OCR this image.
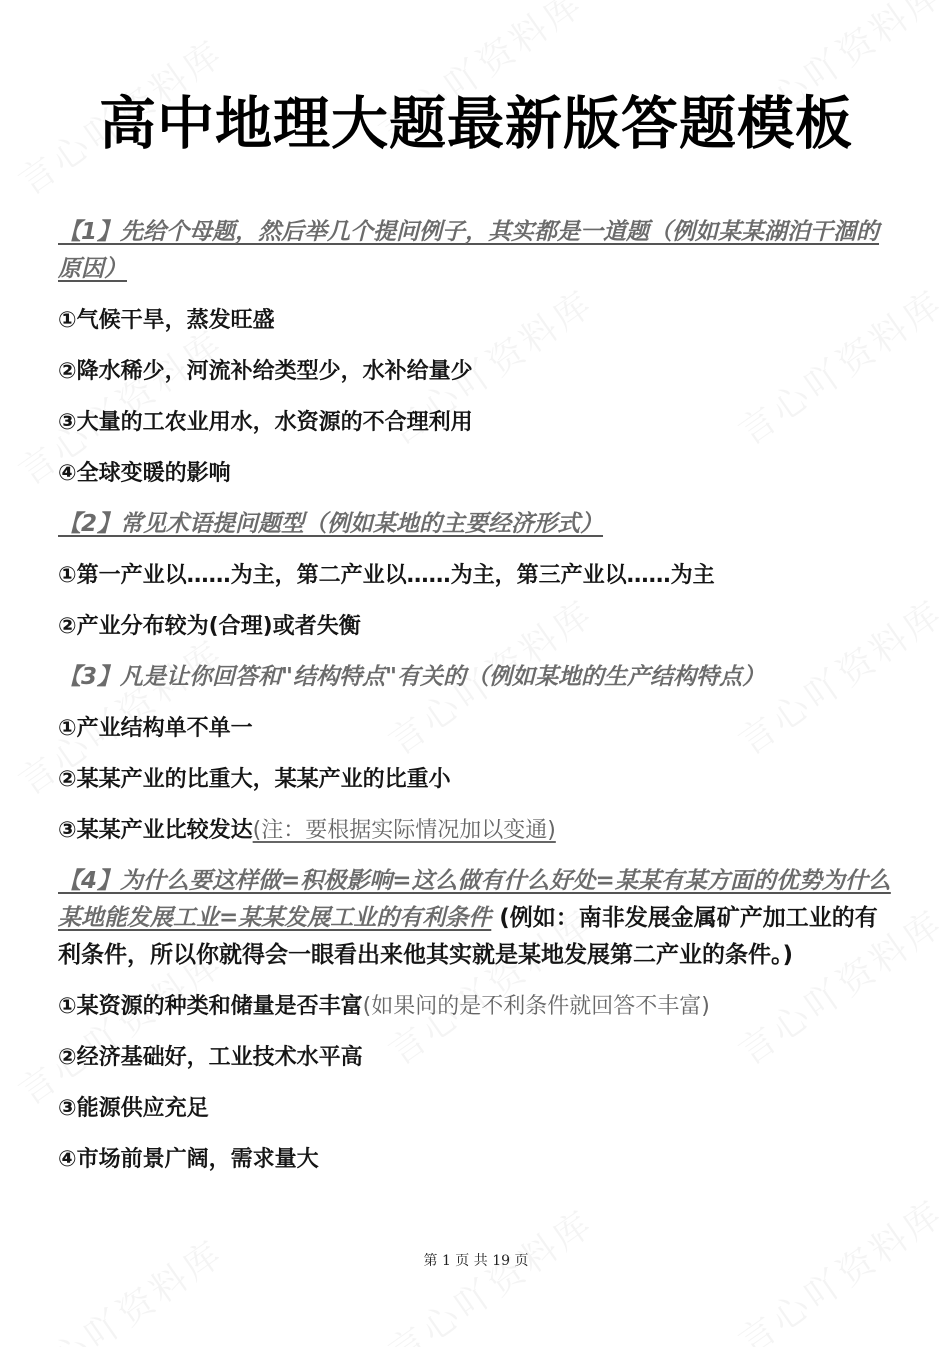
高中地理大题最新版答题模板
【1】先给个母题，然后举几个提问例子，其实都是一道题（例如某某湖泊干涸的原因）
①气候干旱，蒸发旺盛
②降水稀少，河流补给类型少，水补给量少
③大量的工农业用水，水资源的不合理利用
④全球变暖的影响
【2】常见术语提问题型（例如某地的主要经济形式）
①第一产业以……为主，第二产业以……为主，第三产业以……为主
②产业分布较为(合理)或者失衡
【3】凡是让你回答和"结构特点"有关的（例如某地的生产结构特点）
①产业结构单不单一
②某某产业的比重大，某某产业的比重小
③某某产业比较发达(注：要根据实际情况加以变通)
【4】为什么要这样做=积极影响=这么做有什么好处=某某有某方面的优势为什么某地能发展工业=某某发展工业的有利条件 (例如：南非发展金属矿产加工业的有利条件，所以你就得会一眼看出来他其实就是某地发展第二产业的条件。)
①某资源的种类和储量是否丰富(如果问的是不利条件就回答不丰富)
②经济基础好，工业技术水平高
③能源供应充足
④市场前景广阔，需求量大
第 1 页 共 19 页
